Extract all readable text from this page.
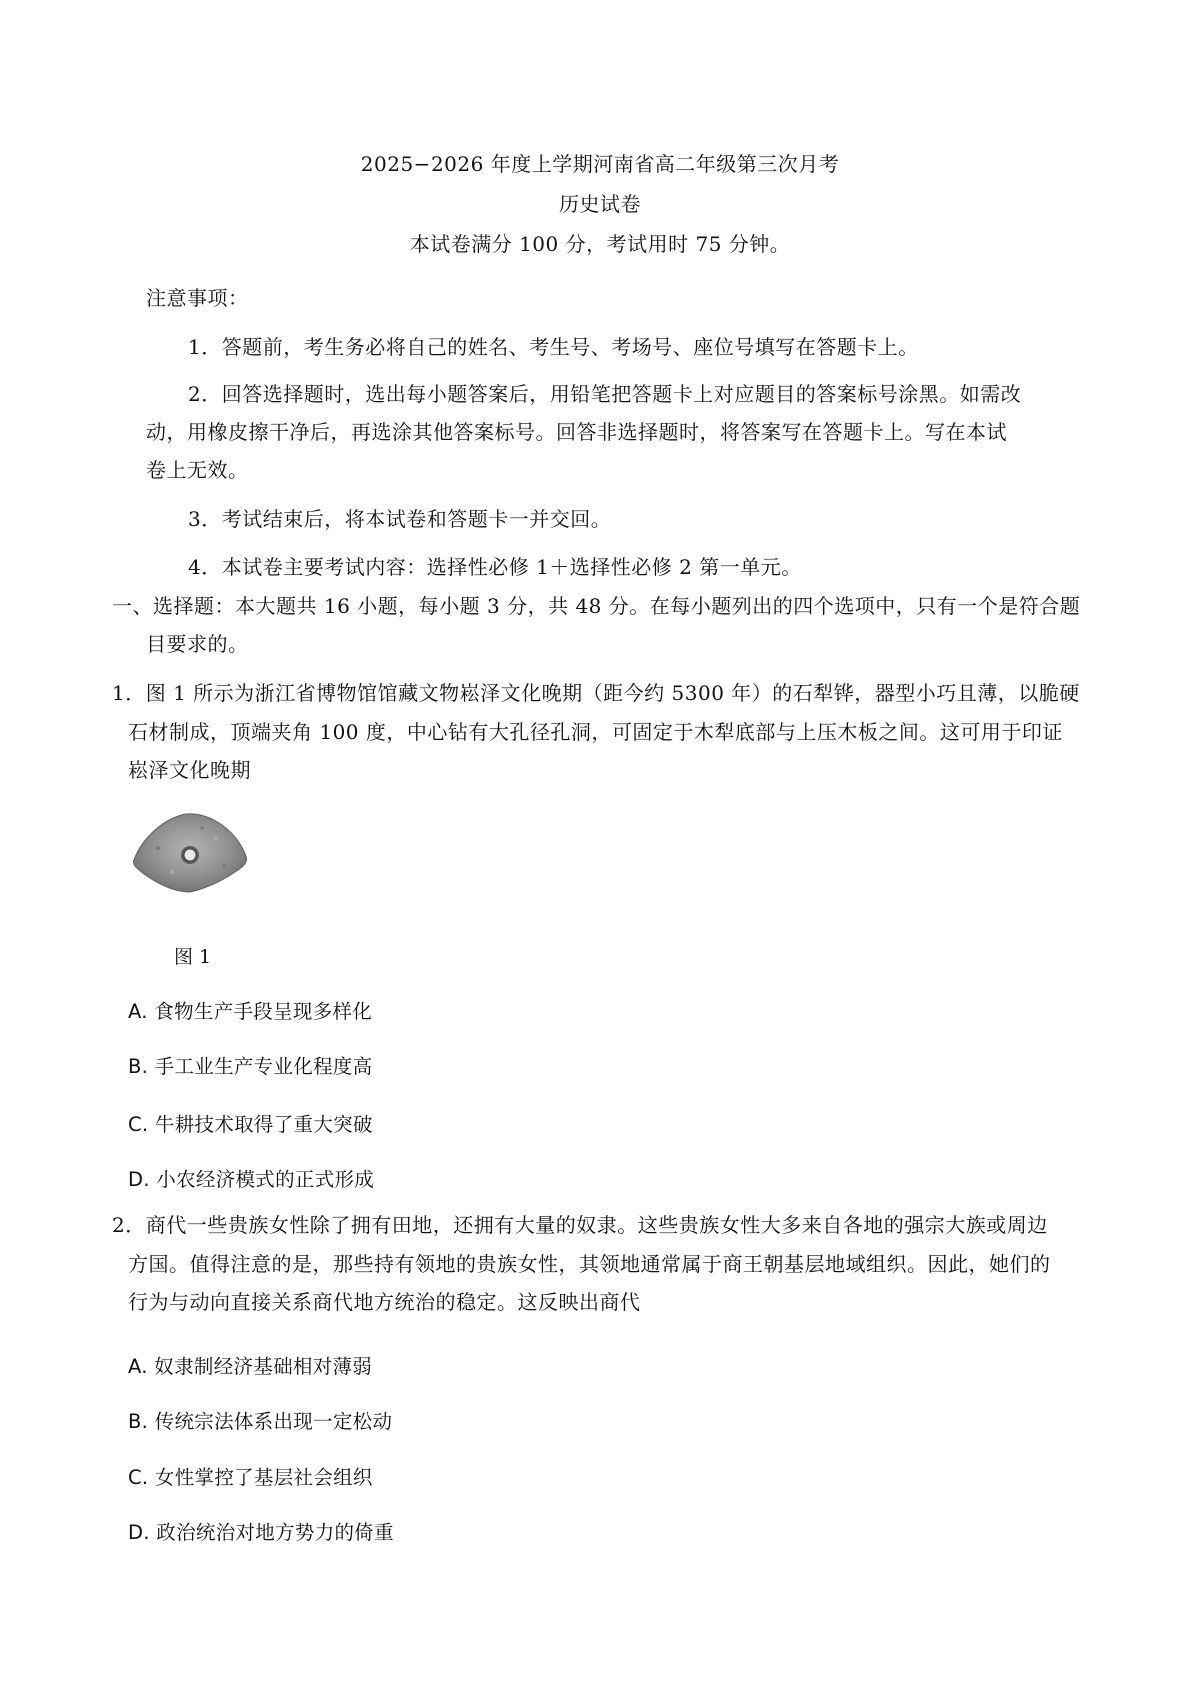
2025−2026 年度上学期河南省高二年级第三次月考
历史试卷
本试卷满分 100 分，考试用时 75 分钟。
注意事项：
1．答题前，考生务必将自己的姓名、考生号、考场号、座位号填写在答题卡上。
2．回答选择题时，选出每小题答案后，用铅笔把答题卡上对应题目的答案标号涂黑。如需改
动，用橡皮擦干净后，再选涂其他答案标号。回答非选择题时，将答案写在答题卡上。写在本试
卷上无效。
3．考试结束后，将本试卷和答题卡一并交回。
4．本试卷主要考试内容：选择性必修 1＋选择性必修 2 第一单元。
一、选择题：本大题共 16 小题，每小题 3 分，共 48 分。在每小题列出的四个选项中，只有一个是符合题
目要求的。
1．图 1 所示为浙江省博物馆馆藏文物崧泽文化晚期（距今约 5300 年）的石犁铧，器型小巧且薄，以脆硬
石材制成，顶端夹角 100 度，中心钻有大孔径孔洞，可固定于木犁底部与上压木板之间。这可用于印证
崧泽文化晚期
图 1
A. 食物生产手段呈现多样化
B. 手工业生产专业化程度高
C. 牛耕技术取得了重大突破
D. 小农经济模式的正式形成
2．商代一些贵族女性除了拥有田地，还拥有大量的奴隶。这些贵族女性大多来自各地的强宗大族或周边
方国。值得注意的是，那些持有领地的贵族女性，其领地通常属于商王朝基层地域组织。因此，她们的
行为与动向直接关系商代地方统治的稳定。这反映出商代
A. 奴隶制经济基础相对薄弱
B. 传统宗法体系出现一定松动
C. 女性掌控了基层社会组织
D. 政治统治对地方势力的倚重
